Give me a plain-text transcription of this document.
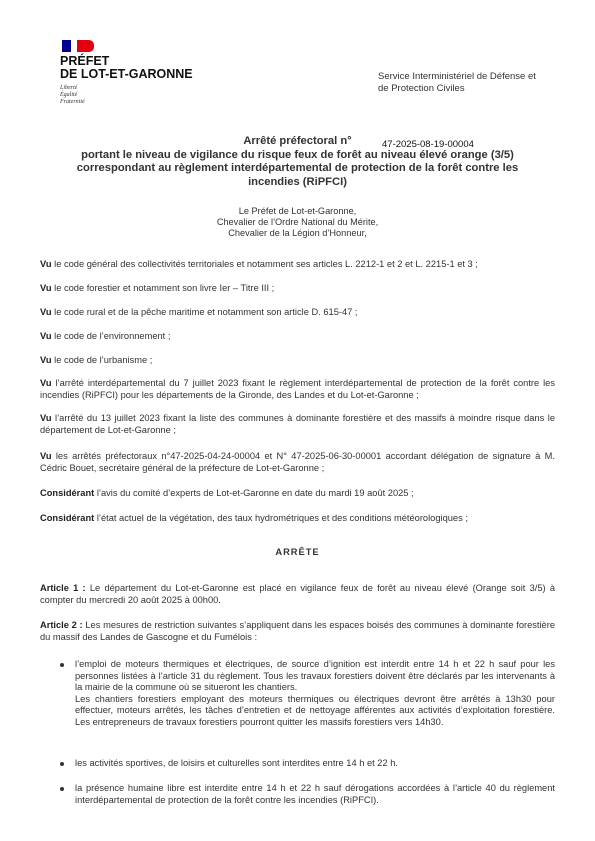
PRÉFET
DE LOT-ET-GARONNE
Liberté
Égalité
Fraternité
Service Interministériel de Défense et
de Protection Civiles
Arrêté préfectoral n°
portant le niveau de vigilance du risque feux de forêt au niveau élevé orange (3/5)
correspondant au règlement interdépartemental de protection de la forêt contre les
incendies (RiPFCI)
47-2025-08-19-00004
Le Préfet de Lot-et-Garonne,
Chevalier de l’Ordre National du Mérite,
Chevalier de la Légion d’Honneur,
Vu le code général des collectivités territoriales et notamment ses articles L. 2212-1 et 2 et L. 2215-1 et 3 ;
Vu le code forestier et notamment son livre Ier – Titre III ;
Vu le code rural et de la pêche maritime et notamment son article D. 615-47 ;
Vu le code de l’environnement ;
Vu le code de l’urbanisme ;
Vu l’arrêté interdépartemental du 7 juillet 2023 fixant le règlement interdépartemental de protection de la forêt contre les incendies (RiPFCI) pour les départements de la Gironde, des Landes et du Lot-et-Garonne ;
Vu l’arrêté du 13 juillet 2023 fixant la liste des communes à dominante forestière et des massifs à moindre risque dans le département de Lot-et-Garonne ;
Vu les arrêtés préfectoraux n°47-2025-04-24-00004 et N° 47-2025-06-30-00001 accordant délégation de signature à M. Cédric Bouet, secrétaire général de la préfecture de Lot-et-Garonne ;
Considérant l’avis du comité d’experts de Lot-et-Garonne en date du mardi 19 août 2025 ;
Considérant l’état actuel de la végétation, des taux hydrométriques et des conditions météorologiques ;
ARRÊTE
Article 1 : Le département du Lot-et-Garonne est placé en vigilance feux de forêt au niveau élevé (Orange soit 3/5) à compter du mercredi 20 août 2025 à 00h00.
Article 2 : Les mesures de restriction suivantes s’appliquent dans les espaces boisés des communes à dominante forestière du massif des Landes de Gascogne et du Fumélois :
l’emploi de moteurs thermiques et électriques, de source d’ignition est interdit entre 14 h et 22 h sauf pour les personnes listées à l’article 31 du règlement. Tous les travaux forestiers doivent être déclarés par les intervenants à la mairie de la commune où se situeront les chantiers.
Les chantiers forestiers employant des moteurs thermiques ou électriques devront être arrêtés à 13h30 pour effectuer, moteurs arrêtés, les tâches d’entretien et de nettoyage afférentes aux activités d’exploitation forestière. Les entrepreneurs de travaux forestiers pourront quitter les massifs forestiers vers 14h30.
les activités sportives, de loisirs et culturelles sont interdites entre 14 h et 22 h.
la présence humaine libre est interdite entre 14 h et 22 h sauf dérogations accordées à l’article 40 du règlement interdépartemental de protection de la forêt contre les incendies (RiPFCI).
